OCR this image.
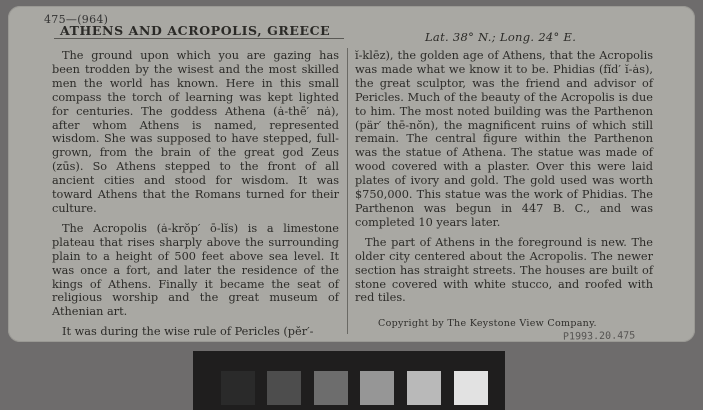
475—(964)
ATHENS AND ACROPOLIS, GREECE	Lat. 38° N.; Long. 24° E.

The ground upon which you are gazing has been trodden by the wisest and the most skilled men the world has known. Here in this small compass the torch of learning was kept lighted for centuries. The goddess Athena (ȧ-thē′ nȧ), after whom Athens is named, represented wisdom. She was supposed to have stepped, full-grown, from the brain of the great god Zeus (zūs). So Athens stepped to the front of all ancient cities and stood for wisdom. It was toward Athens that the Romans turned for their culture.

The Acropolis (ȧ-krŏp′ ō-lĭs) is a limestone plateau that rises sharply above the surrounding plain to a height of 500 feet above sea level. It was once a fort, and later the residence of the kings of Athens. Finally it became the seat of religious worship and the great museum of Athenian art.

It was during the wise rule of Pericles (pĕr′-

ĭ-klēz), the golden age of Athens, that the Acropolis was made what we know it to be. Phidias (fĭd′ ĭ-ȧs), the great sculptor, was the friend and advisor of Pericles. Much of the beauty of the Acropolis is due to him. The most noted building was the Parthenon (pär′ thē-nŏn), the magnificent ruins of which still remain. The central figure within the Parthenon was the statue of Athena. The statue was made of wood covered with a plaster. Over this were laid plates of ivory and gold. The gold used was worth $750,000. This statue was the work of Phidias. The Parthenon was begun in 447 B. C., and was completed 10 years later.

The part of Athens in the foreground is new. The older city centered about the Acropolis. The newer section has straight streets. The houses are built of stone covered with white stucco, and roofed with red tiles.

Copyright by The Keystone View Company.
P1993.20.475
